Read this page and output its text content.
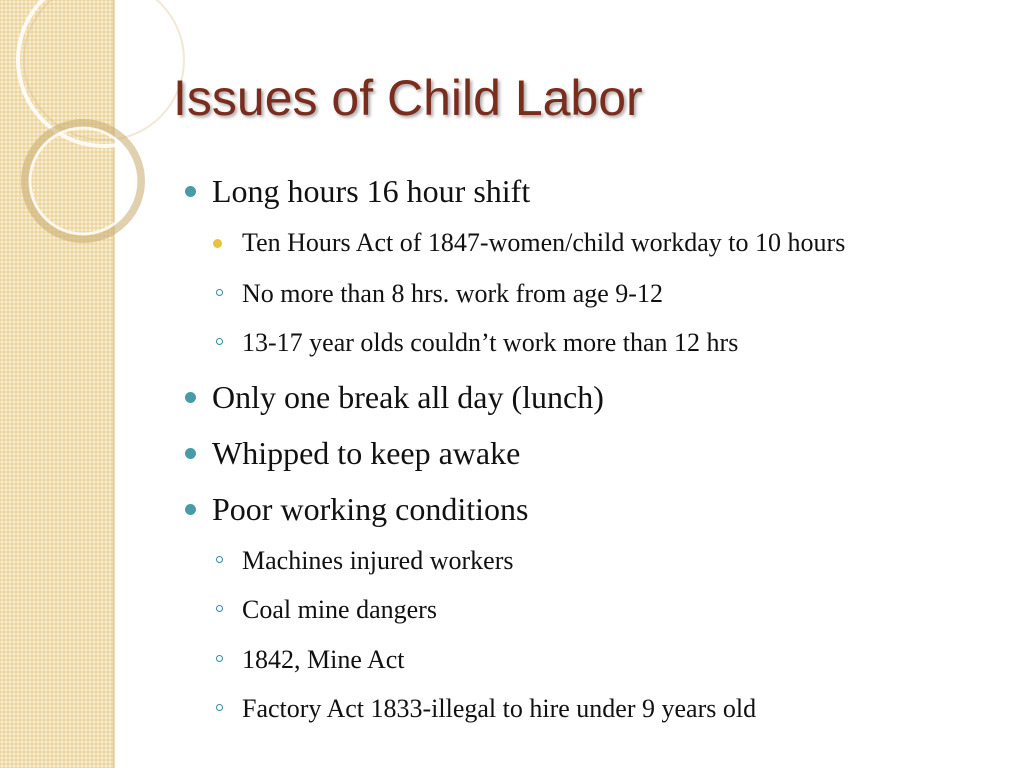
Issues of Child Labor
Long hours 16 hour shift
Ten Hours Act of 1847-women/child workday to 10 hours
No more than 8 hrs. work from age 9-12
13-17 year olds couldn’t work more than 12 hrs
Only one break all day (lunch)
Whipped to keep awake
Poor working conditions
Machines injured workers
Coal mine dangers
1842, Mine Act
Factory Act 1833-illegal to hire under 9 years old
